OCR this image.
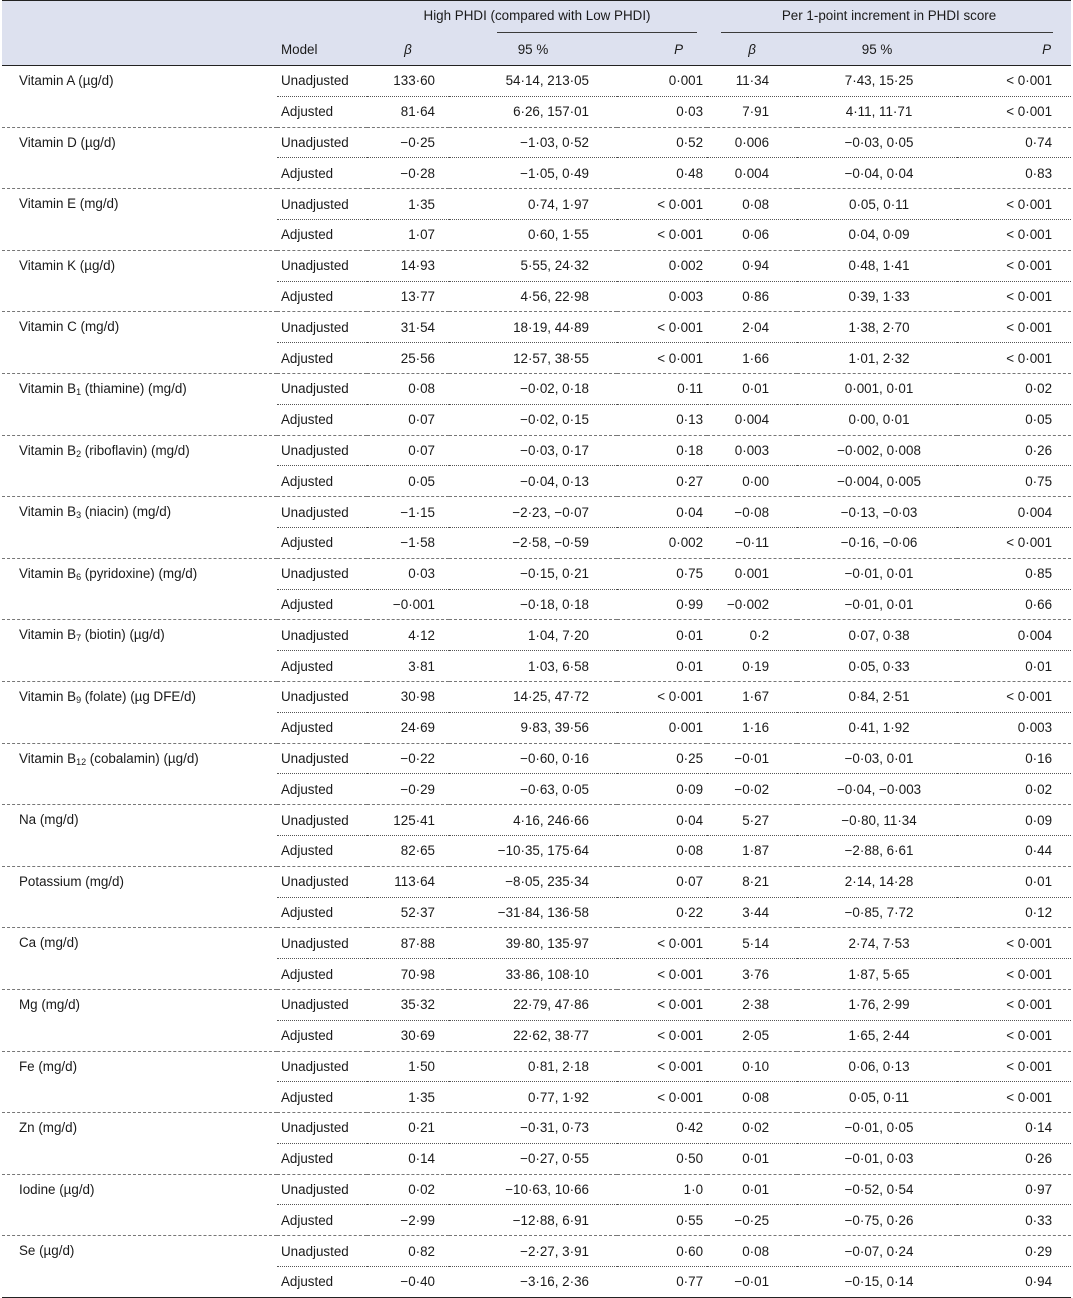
		High PHDI (compared with Low PHDI)			Per 1-point increment in PHDI score		

	Model	β	95 %	P	β	95 %	P
Vitamin A (µg/d)	Unadjusted	133·60	54·14, 213·05	0·001	11·34	7·43, 15·25	< 0·001
	Adjusted	81·64	6·26, 157·01	0·03	7·91	4·11, 11·71	< 0·001
Vitamin D (µg/d)	Unadjusted	−0·25	−1·03, 0·52	0·52	0·006	−0·03, 0·05	0·74
	Adjusted	−0·28	−1·05, 0·49	0·48	0·004	−0·04, 0·04	0·83
Vitamin E (mg/d)	Unadjusted	1·35	0·74, 1·97	< 0·001	0·08	0·05, 0·11	< 0·001
	Adjusted	1·07	0·60, 1·55	< 0·001	0·06	0·04, 0·09	< 0·001
Vitamin K (µg/d)	Unadjusted	14·93	5·55, 24·32	0·002	0·94	0·48, 1·41	< 0·001
	Adjusted	13·77	4·56, 22·98	0·003	0·86	0·39, 1·33	< 0·001
Vitamin C (mg/d)	Unadjusted	31·54	18·19, 44·89	< 0·001	2·04	1·38, 2·70	< 0·001
	Adjusted	25·56	12·57, 38·55	< 0·001	1·66	1·01, 2·32	< 0·001
Vitamin $B_1$ (thiamine) (mg/d)	Unadjusted	0·08	−0·02, 0·18	0·11	0·01	0·001, 0·01	0·02
	Adjusted	0·07	−0·02, 0·15	0·13	0·004	0·00, 0·01	0·05
Vitamin $B_2$ (riboflavin) (mg/d)	Unadjusted	0·07	−0·03, 0·17	0·18	0·003	−0·002, 0·008	0·26
	Adjusted	0·05	−0·04, 0·13	0·27	0·00	−0·004, 0·005	0·75
Vitamin $B_3$ (niacin) (mg/d)	Unadjusted	−1·15	−2·23, −0·07	0·04	−0·08	−0·13, −0·03	0·004
	Adjusted	−1·58	−2·58, −0·59	0·002	−0·11	−0·16, −0·06	< 0·001
Vitamin $B_6$ (pyridoxine) (mg/d)	Unadjusted	0·03	−0·15, 0·21	0·75	0·001	−0·01, 0·01	0·85
	Adjusted	−0·001	−0·18, 0·18	0·99	−0·002	−0·01, 0·01	0·66
Vitamin $B_7$ (biotin) (µg/d)	Unadjusted	4·12	1·04, 7·20	0·01	0·2	0·07, 0·38	0·004
	Adjusted	3·81	1·03, 6·58	0·01	0·19	0·05, 0·33	0·01
Vitamin $B_9$ (folate) (µg DFE/d)	Unadjusted	30·98	14·25, 47·72	< 0·001	1·67	0·84, 2·51	< 0·001
	Adjusted	24·69	9·83, 39·56	0·001	1·16	0·41, 1·92	0·003
Vitamin $B_{12}$ (cobalamin) (µg/d)	Unadjusted	−0·22	−0·60, 0·16	0·25	−0·01	−0·03, 0·01	0·16
	Adjusted	−0·29	−0·63, 0·05	0·09	−0·02	−0·04, −0·003	0·02
Na (mg/d)	Unadjusted	125·41	4·16, 246·66	0·04	5·27	−0·80, 11·34	0·09
	Adjusted	82·65	−10·35, 175·64	0·08	1·87	−2·88, 6·61	0·44
Potassium (mg/d)	Unadjusted	113·64	−8·05, 235·34	0·07	8·21	2·14, 14·28	0·01
	Adjusted	52·37	−31·84, 136·58	0·22	3·44	−0·85, 7·72	0·12
Ca (mg/d)	Unadjusted	87·88	39·80, 135·97	< 0·001	5·14	2·74, 7·53	< 0·001
	Adjusted	70·98	33·86, 108·10	< 0·001	3·76	1·87, 5·65	< 0·001
Mg (mg/d)	Unadjusted	35·32	22·79, 47·86	< 0·001	2·38	1·76, 2·99	< 0·001
	Adjusted	30·69	22·62, 38·77	< 0·001	2·05	1·65, 2·44	< 0·001
Fe (mg/d)	Unadjusted	1·50	0·81, 2·18	< 0·001	0·10	0·06, 0·13	< 0·001
	Adjusted	1·35	0·77, 1·92	< 0·001	0·08	0·05, 0·11	< 0·001
Zn (mg/d)	Unadjusted	0·21	−0·31, 0·73	0·42	0·02	−0·01, 0·05	0·14
	Adjusted	0·14	−0·27, 0·55	0·50	0·01	−0·01, 0·03	0·26
Iodine (µg/d)	Unadjusted	0·02	−10·63, 10·66	1·0	0·01	−0·52, 0·54	0·97
	Adjusted	−2·99	−12·88, 6·91	0·55	−0·25	−0·75, 0·26	0·33
Se (µg/d)	Unadjusted	0·82	−2·27, 3·91	0·60	0·08	−0·07, 0·24	0·29
	Adjusted	−0·40	−3·16, 2·36	0·77	−0·01	−0·15, 0·14	0·94
